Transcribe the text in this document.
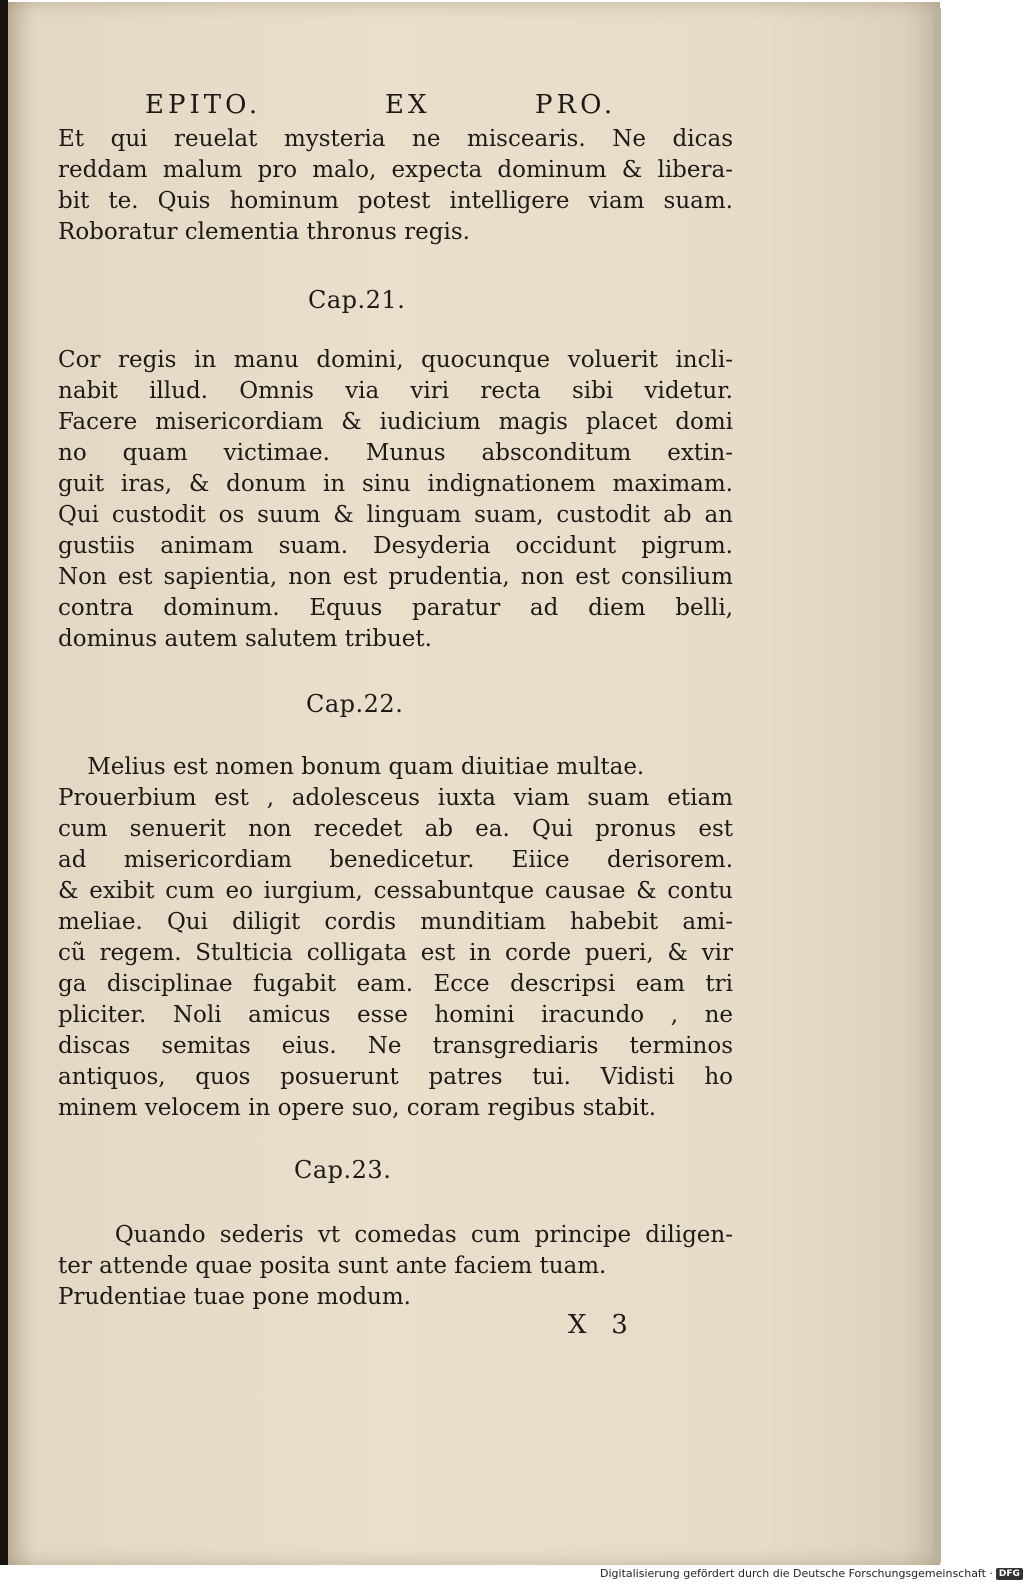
EPITO.	EX	PRO.
Et qui reuelat mysteria ne miscearis. Ne dicas
reddam malum pro malo, expecta dominum & libera-
bit te. Quis hominum potest intelligere viam suam.
Roboratur clementia thronus regis.
Cap.21.
Cor regis in manu domini, quocunque voluerit incli-
nabit illud. Omnis via viri recta sibi videtur.
Facere misericordiam & iudicium magis placet domi
no quam victimae. Munus absconditum extin-
guit iras, & donum in sinu indignationem maximam.
Qui custodit os suum & linguam suam, custodit ab an
gustiis animam suam. Desyderia occidunt pigrum.
Non est sapientia, non est prudentia, non est consilium
contra dominum. Equus paratur ad diem belli,
dominus autem salutem tribuet.
Cap.22.
Melius est nomen bonum quam diuitiae multae.
Prouerbium est , adolesceus iuxta viam suam etiam
cum senuerit non recedet ab ea. Qui pronus est
ad misericordiam benedicetur. Eiice derisorem.
& exibit cum eo iurgium, cessabuntque causae & contu
meliae. Qui diligit cordis munditiam habebit ami-
cũ regem. Stulticia colligata est in corde pueri, & vir
ga disciplinae fugabit eam. Ecce descripsi eam tri
pliciter. Noli amicus esse homini iracundo , ne
discas semitas eius. Ne transgrediaris terminos
antiquos, quos posuerunt patres tui. Vidisti ho
minem velocem in opere suo, coram regibus stabit.
Cap.23.
Quando sederis vt comedas cum principe diligen-
ter attende quae posita sunt ante faciem tuam.
Prudentiae tuae pone modum.
X   3
Digitalisierung gefördert durch die Deutsche Forschungsgemeinschaft · DFG
